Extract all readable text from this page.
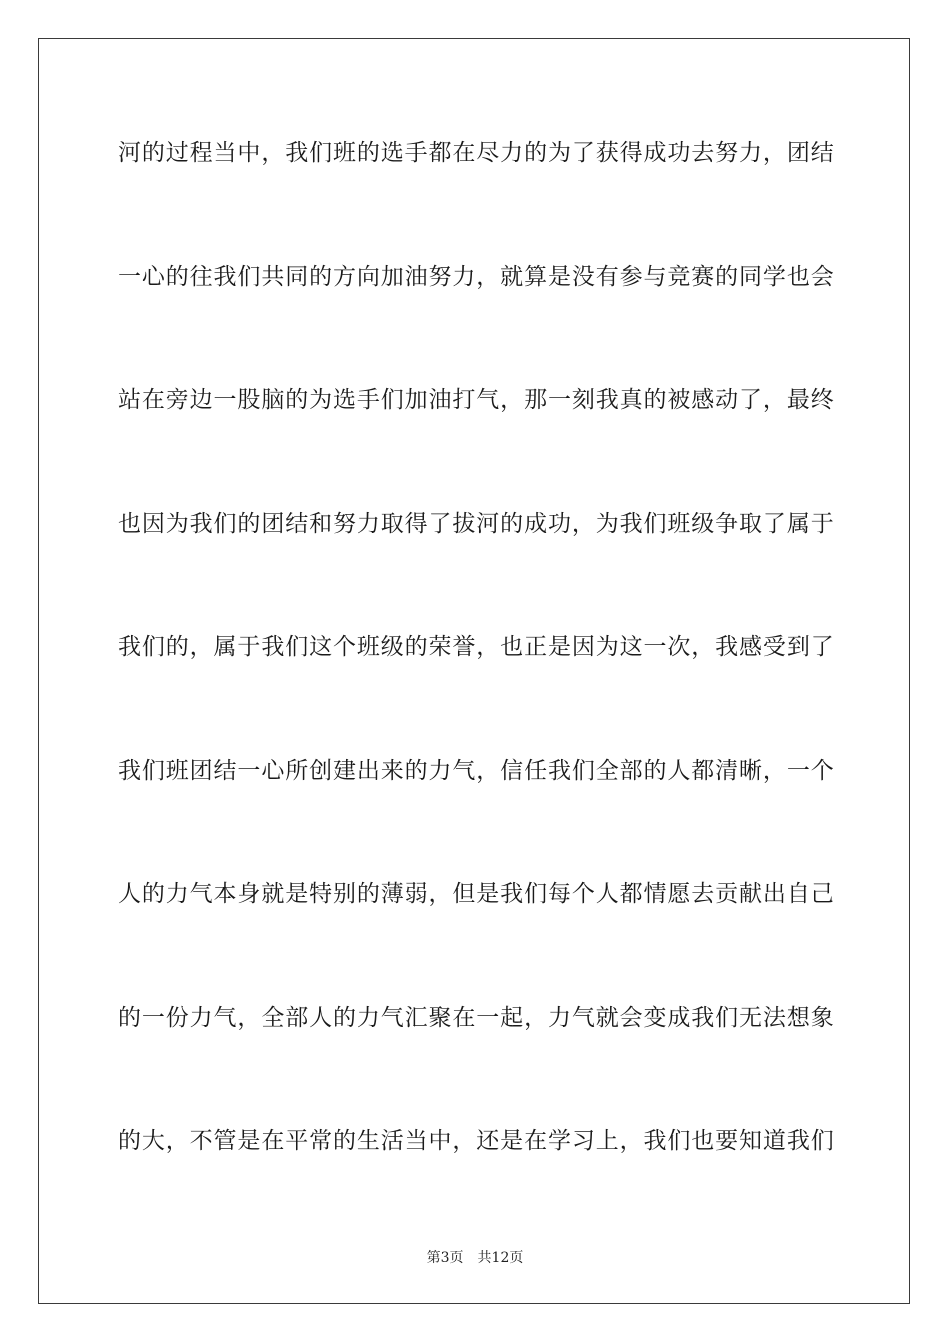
河的过程当中，我们班的选手都在尽力的为了获得成功去努力，团结
一心的往我们共同的方向加油努力，就算是没有参与竞赛的同学也会
站在旁边一股脑的为选手们加油打气，那一刻我真的被感动了，最终
也因为我们的团结和努力取得了拔河的成功，为我们班级争取了属于
我们的，属于我们这个班级的荣誉，也正是因为这一次，我感受到了
我们班团结一心所创建出来的力气，信任我们全部的人都清晰，一个
人的力气本身就是特别的薄弱，但是我们每个人都情愿去贡献出自己
的一份力气，全部人的力气汇聚在一起，力气就会变成我们无法想象
的大，不管是在平常的生活当中，还是在学习上，我们也要知道我们
第3页 共12页
